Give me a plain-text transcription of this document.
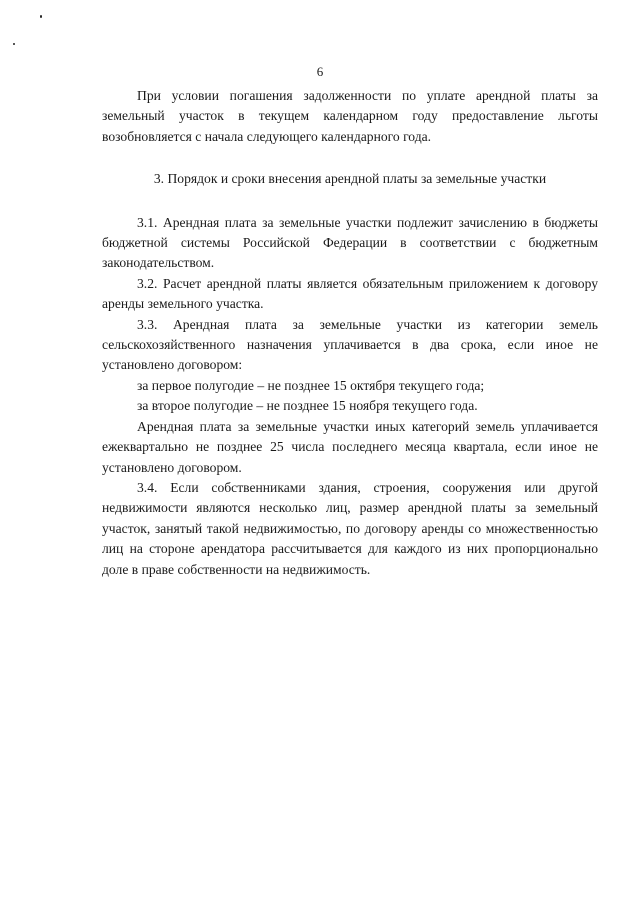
6

При условии погашения задолженности по уплате арендной платы за земельный участок в текущем календарном году предоставление льготы возобновляется с начала следующего календарного года.

3. Порядок и сроки внесения арендной платы за земельные участки

3.1. Арендная плата за земельные участки подлежит зачислению в бюджеты бюджетной системы Российской Федерации в соответствии с бюджетным законодательством.

3.2. Расчет арендной платы является обязательным приложением к договору аренды земельного участка.

3.3. Арендная плата за земельные участки из категории земель сельскохозяйственного назначения уплачивается в два срока, если иное не установлено договором:

за первое полугодие – не позднее 15 октября текущего года;

за второе полугодие – не позднее 15 ноября текущего года.

Арендная плата за земельные участки иных категорий земель уплачивается ежеквартально не позднее 25 числа последнего месяца квартала, если иное не установлено договором.

3.4. Если собственниками здания, строения, сооружения или другой недвижимости являются несколько лиц, размер арендной платы за земельный участок, занятый такой недвижимостью, по договору аренды со множественностью лиц на стороне арендатора рассчитывается для каждого из них пропорционально доле в праве собственности на недвижимость.
